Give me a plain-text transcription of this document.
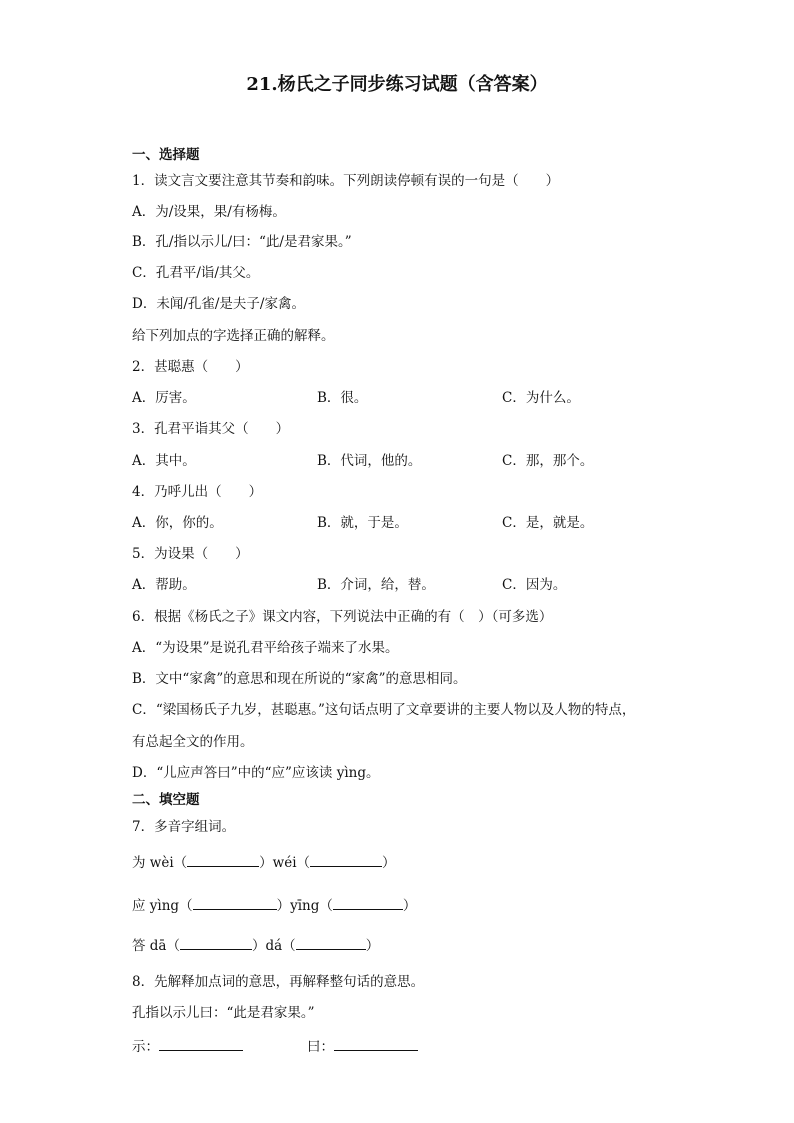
21.杨氏之子同步练习试题（含答案）
一、选择题
1．读文言文要注意其节奏和韵味。下列朗读停顿有误的一句是（　　）
A．为/设果，果/有杨梅。
B．孔/指以示儿/曰：“此/是君家果。”
C．孔君平/诣/其父。
D．未闻/孔雀/是夫子/家禽。
给下列加点的字选择正确的解释。
2．甚聪惠（　　）
A．厉害。	B．很。	C．为什么。
3．孔君平诣其父（　　）
A．其中。	B．代词，他的。	C．那，那个。
4．乃呼儿出（　　）
A．你，你的。	B．就，于是。	C．是，就是。
5．为设果（　　）
A．帮助。	B．介词，给，替。	C．因为。
6．根据《杨氏之子》课文内容，下列说法中正确的有（　）（可多选）
A．“为设果”是说孔君平给孩子端来了水果。
B．文中“家禽”的意思和现在所说的“家禽”的意思相同。
C．“梁国杨氏子九岁，甚聪惠。”这句话点明了文章要讲的主要人物以及人物的特点，
有总起全文的作用。
D．“儿应声答曰”中的“应”应该读 yìng。
二、填空题
7．多音字组词。
为 wèi（	）wéi（	）
应 yìng（	）yīng（	）
答 dā（	）dá（	）
8．先解释加点词的意思，再解释整句话的意思。
孔指以示儿曰：“此是君家果。”
示：	曰：
